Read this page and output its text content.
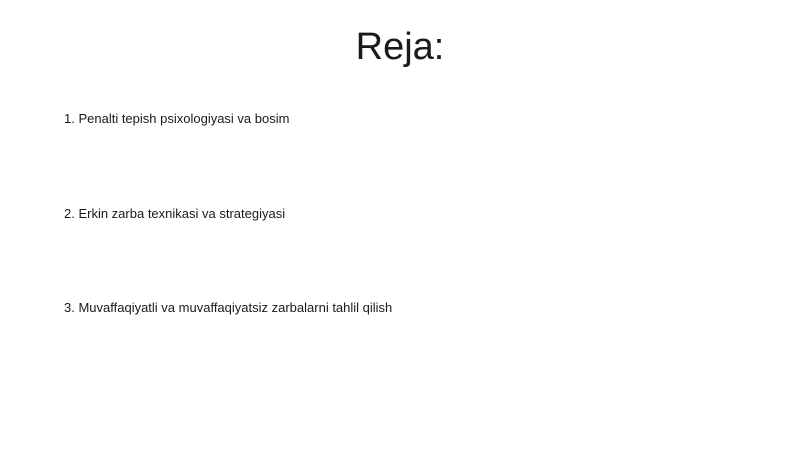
Reja:
1. Penalti tepish psixologiyasi va bosim
2. Erkin zarba texnikasi va strategiyasi
3. Muvaffaqiyatli va muvaffaqiyatsiz zarbalarni tahlil qilish
